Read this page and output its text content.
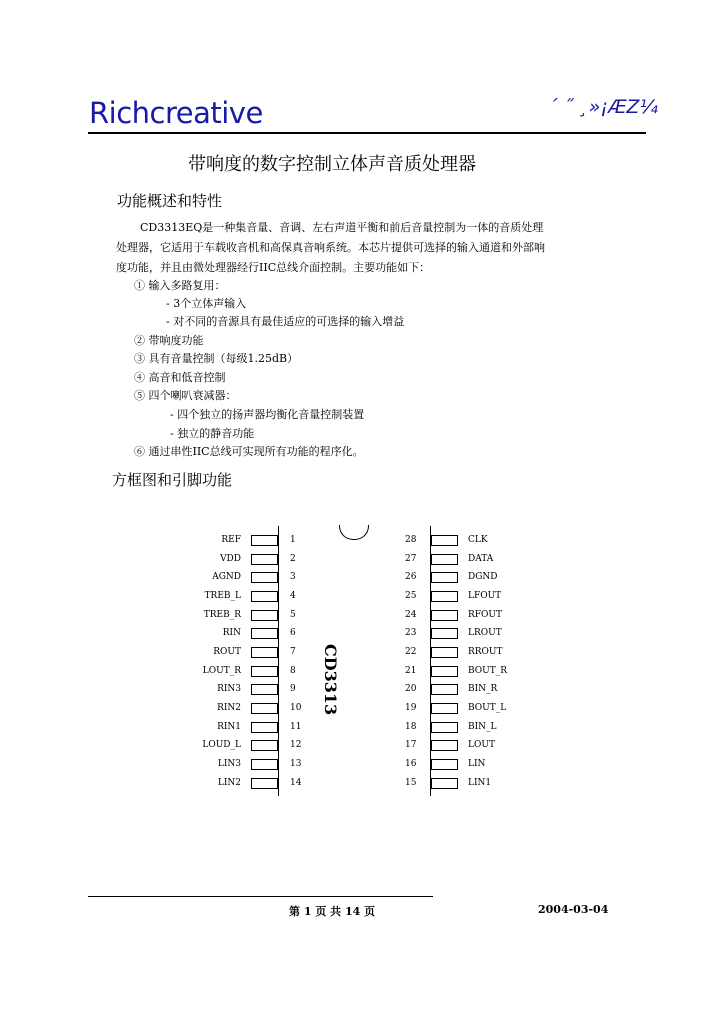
Richcreative	´ ˝ ¸»¡ÆZ¼
带响度的数字控制立体声音质处理器
功能概述和特性
CD3313EQ是一种集音量、音调、左右声道平衡和前后音量控制为一体的音质处理
处理器，它适用于车载收音机和高保真音响系统。本芯片提供可选择的输入通道和外部响
度功能，并且由微处理器经行IIC总线介面控制。主要功能如下：
① 输入多路复用：
- 3个立体声输入
- 对不同的音源具有最佳适应的可选择的输入增益
② 带响度功能
③ 具有音量控制（每级1.25dB）
④ 高音和低音控制
⑤ 四个喇叭衰减器：
- 四个独立的扬声器均衡化音量控制装置
- 独立的静音功能
⑥ 通过串性IIC总线可实现所有功能的程序化。
方框图和引脚功能
CD3313
REF	1
VDD	2
AGND	3
TREB_L	4
TREB_R	5
RIN	6
ROUT	7
LOUT_R	8
RIN3	9
RIN2	10
RIN1	11
LOUD_L	12
LIN3	13
LIN2	14
28	CLK
27	DATA
26	DGND
25	LFOUT
24	RFOUT
23	LROUT
22	RROUT
21	BOUT_R
20	BIN_R
19	BOUT_L
18	BIN_L
17	LOUT
16	LIN
15	LIN1
第 1 页 共 14 页	2004-03-04
